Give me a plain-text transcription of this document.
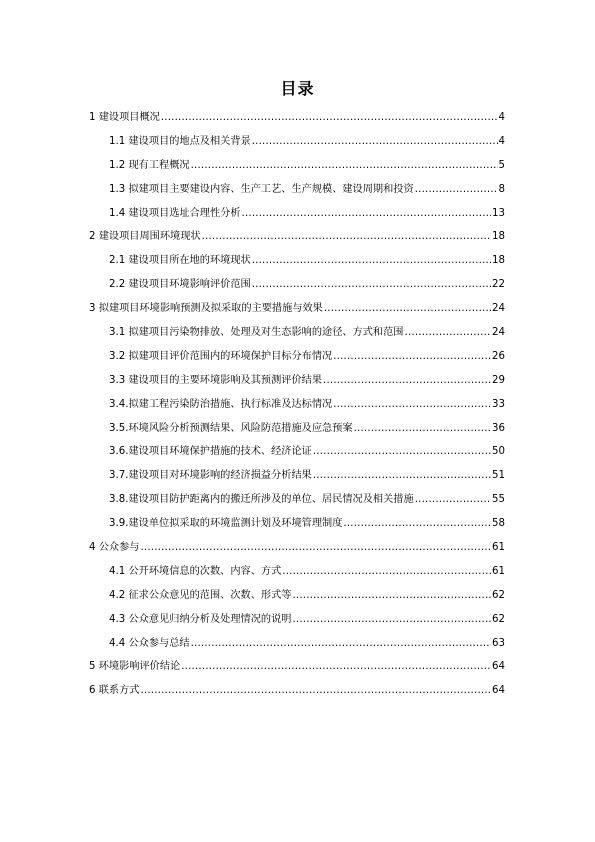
目录
1 建设项目概况 .....	4
1.1 建设项目的地点及相关背景 .....	4
1.2 现有工程概况 .....	5
1.3 拟建项目主要建设内容、生产工艺、生产规模、建设周期和投资 .....	8
1.4 建设项目选址合理性分析 .....	13
2 建设项目周围环境现状 .....	18
2.1 建设项目所在地的环境现状 .....	18
2.2 建设项目环境影响评价范围 .....	22
3 拟建项目环境影响预测及拟采取的主要措施与效果 .....	24
3.1 拟建项目污染物排放、处理及对生态影响的途径、方式和范围 .....	24
3.2 拟建项目评价范围内的环境保护目标分布情况 .....	26
3.3 建设项目的主要环境影响及其预测评价结果 .....	29
3.4.拟建工程污染防治措施、执行标准及达标情况 .....	33
3.5.环境风险分析预测结果、风险防范措施及应急预案 .....	36
3.6.建设项目环境保护措施的技术、经济论证 .....	50
3.7.建设项目对环境影响的经济损益分析结果 .....	51
3.8.建设项目防护距离内的搬迁所涉及的单位、居民情况及相关措施 .....	55
3.9.建设单位拟采取的环境监测计划及环境管理制度 .....	58
4 公众参与 .....	61
4.1 公开环境信息的次数、内容、方式 .....	61
4.2 征求公众意见的范围、次数、形式等 .....	62
4.3 公众意见归纳分析及处理情况的说明 .....	62
4.4 公众参与总结 .....	63
5 环境影响评价结论 .....	64
6 联系方式 .....	64
